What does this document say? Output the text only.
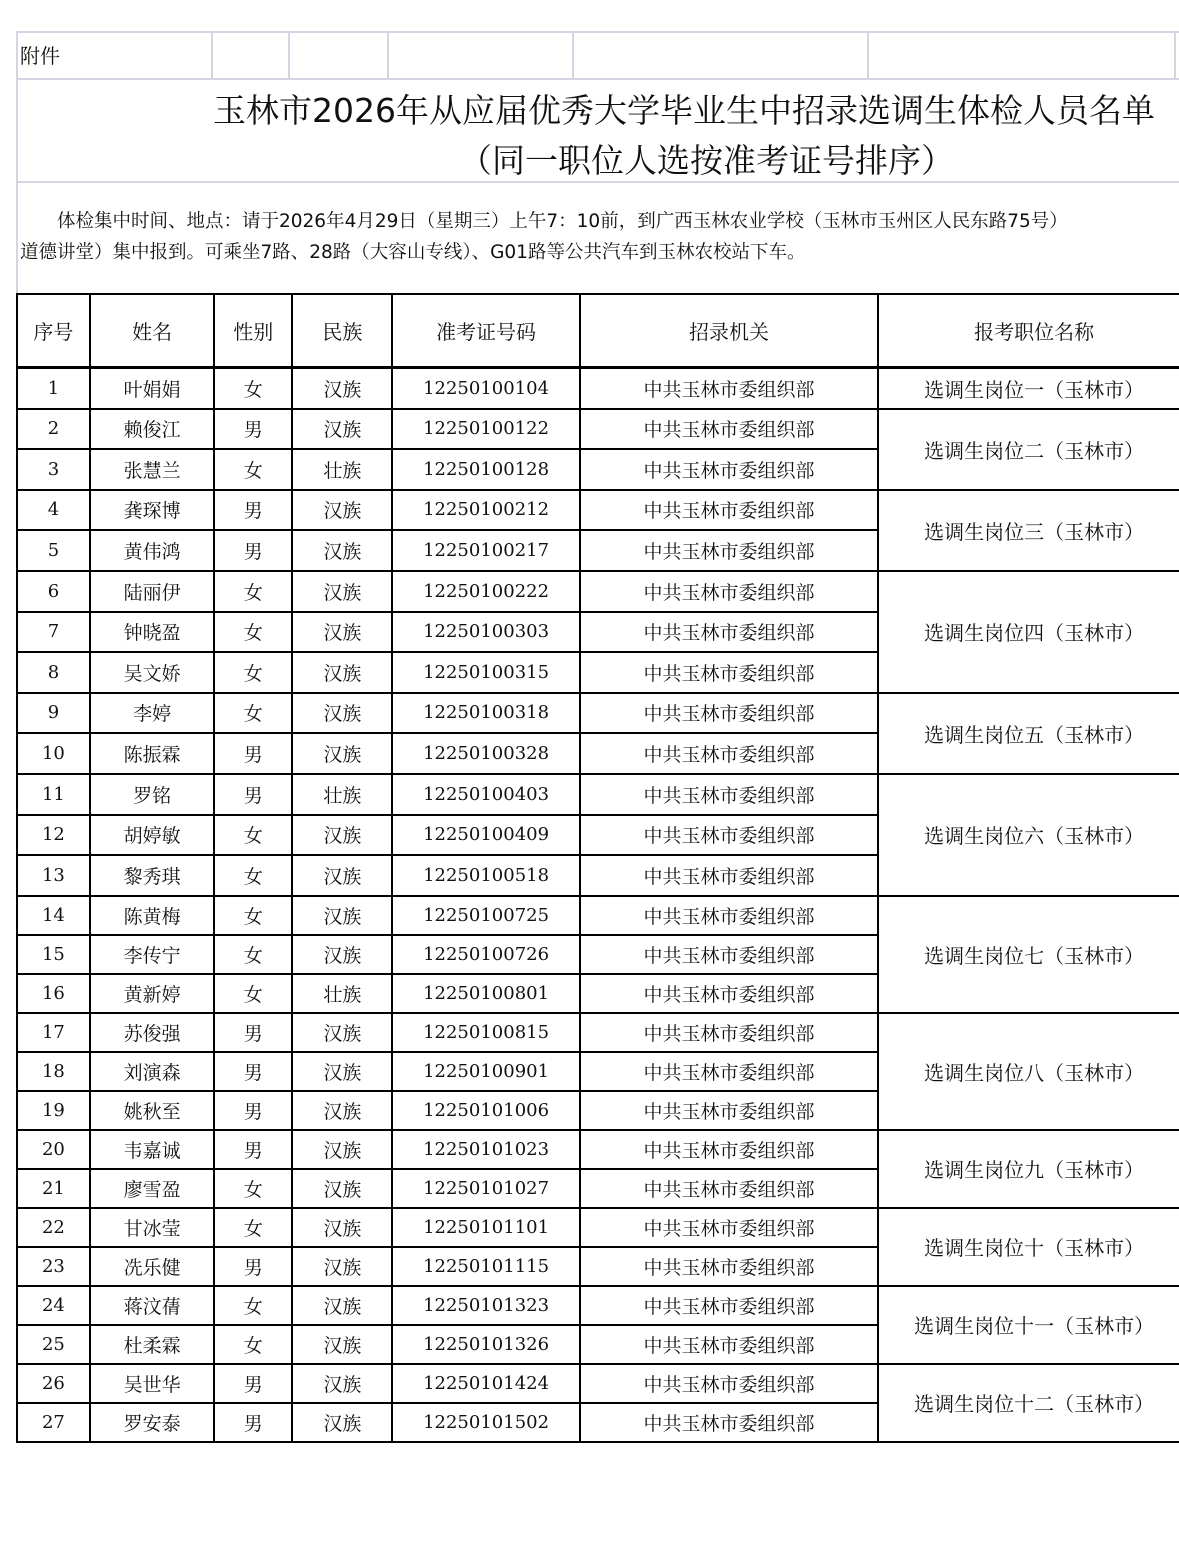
附件
玉林市2026年从应届优秀大学毕业生中招录选调生体检人员名单
（同一职位人选按准考证号排序）
体检集中时间、地点：请于2026年4月29日（星期三）上午7：10前，到广西玉林农业学校（玉林市玉州区人民东路75号）
道德讲堂）集中报到。可乘坐7路、28路（大容山专线）、G01路等公共汽车到玉林农校站下车。
序号	姓名	性别	民族	准考证号码	招录机关	报考职位名称
1	叶娟娟	女	汉族	12250100104	中共玉林市委组织部	选调生岗位一（玉林市）
2	赖俊江	男	汉族	12250100122	中共玉林市委组织部	选调生岗位二（玉林市）
3	张慧兰	女	壮族	12250100128	中共玉林市委组织部	
4	龚琛博	男	汉族	12250100212	中共玉林市委组织部	选调生岗位三（玉林市）
5	黄伟鸿	男	汉族	12250100217	中共玉林市委组织部	
6	陆丽伊	女	汉族	12250100222	中共玉林市委组织部	选调生岗位四（玉林市）
7	钟晓盈	女	汉族	12250100303	中共玉林市委组织部	
8	吴文娇	女	汉族	12250100315	中共玉林市委组织部	
9	李婷	女	汉族	12250100318	中共玉林市委组织部	选调生岗位五（玉林市）
10	陈振霖	男	汉族	12250100328	中共玉林市委组织部	
11	罗铭	男	壮族	12250100403	中共玉林市委组织部	选调生岗位六（玉林市）
12	胡婷敏	女	汉族	12250100409	中共玉林市委组织部	
13	黎秀琪	女	汉族	12250100518	中共玉林市委组织部	
14	陈黄梅	女	汉族	12250100725	中共玉林市委组织部	选调生岗位七（玉林市）
15	李传宁	女	汉族	12250100726	中共玉林市委组织部	
16	黄新婷	女	壮族	12250100801	中共玉林市委组织部	
17	苏俊强	男	汉族	12250100815	中共玉林市委组织部	选调生岗位八（玉林市）
18	刘演森	男	汉族	12250100901	中共玉林市委组织部	
19	姚秋至	男	汉族	12250101006	中共玉林市委组织部	
20	韦嘉诚	男	汉族	12250101023	中共玉林市委组织部	选调生岗位九（玉林市）
21	廖雪盈	女	汉族	12250101027	中共玉林市委组织部	
22	甘冰莹	女	汉族	12250101101	中共玉林市委组织部	选调生岗位十（玉林市）
23	冼乐健	男	汉族	12250101115	中共玉林市委组织部	
24	蒋汶蒨	女	汉族	12250101323	中共玉林市委组织部	选调生岗位十一（玉林市）
25	杜柔霖	女	汉族	12250101326	中共玉林市委组织部	
26	吴世华	男	汉族	12250101424	中共玉林市委组织部	选调生岗位十二（玉林市）
27	罗安泰	男	汉族	12250101502	中共玉林市委组织部	
